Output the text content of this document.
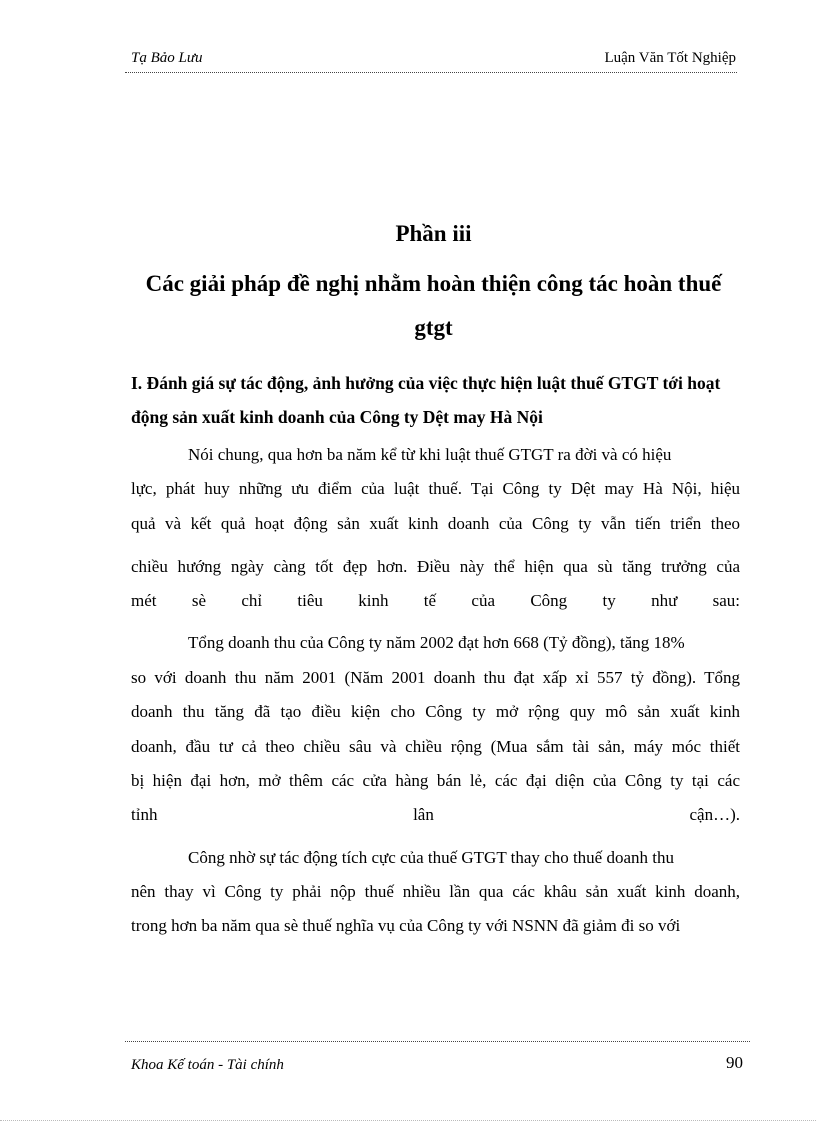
Tạ Bảo Lưu	Luận Văn Tốt Nghiệp
Phần iii
Các giải pháp đề nghị nhằm hoàn thiện công tác hoàn thuế
gtgt
I. Đánh giá sự tác động, ảnh hưởng của việc thực hiện luật thuế GTGT tới hoạt động sản xuất kinh doanh của Công ty Dệt may Hà Nội
Nói chung, qua hơn ba năm kể từ khi luật thuế GTGT ra đời và có hiệu
lực, phát huy những ưu điểm của luật thuế. Tại Công ty Dệt may Hà Nội, hiệu
quả và kết quả hoạt động sản xuất kinh doanh của Công ty vẫn tiến triển theo
chiều hướng ngày càng tốt đẹp hơn. Điều này thể hiện qua sù tăng trưởng của
mét sè chỉ tiêu kinh tế của Công ty như sau:
Tổng doanh thu của Công ty năm 2002 đạt hơn 668 (Tỷ đồng), tăng 18%
so với doanh thu năm 2001 (Năm 2001 doanh thu đạt xấp xỉ 557 tỷ đồng). Tổng
doanh thu tăng đã tạo điều kiện cho Công ty mở rộng quy mô sản xuất kinh
doanh, đầu tư cả theo chiều sâu và chiều rộng (Mua sắm tài sản, máy móc thiết
bị hiện đại hơn, mở thêm các cửa hàng bán lẻ, các đại diện của Công ty tại các
tỉnh lân cận…).
Công nhờ sự tác động tích cực của thuế GTGT thay cho thuế doanh thu
nên thay vì Công ty phải nộp thuế nhiều lần qua các khâu sản xuất kinh doanh,
trong hơn ba năm qua sè thuế nghĩa vụ của Công ty với NSNN đã giảm đi so với
Khoa Kế toán - Tài chính	90
